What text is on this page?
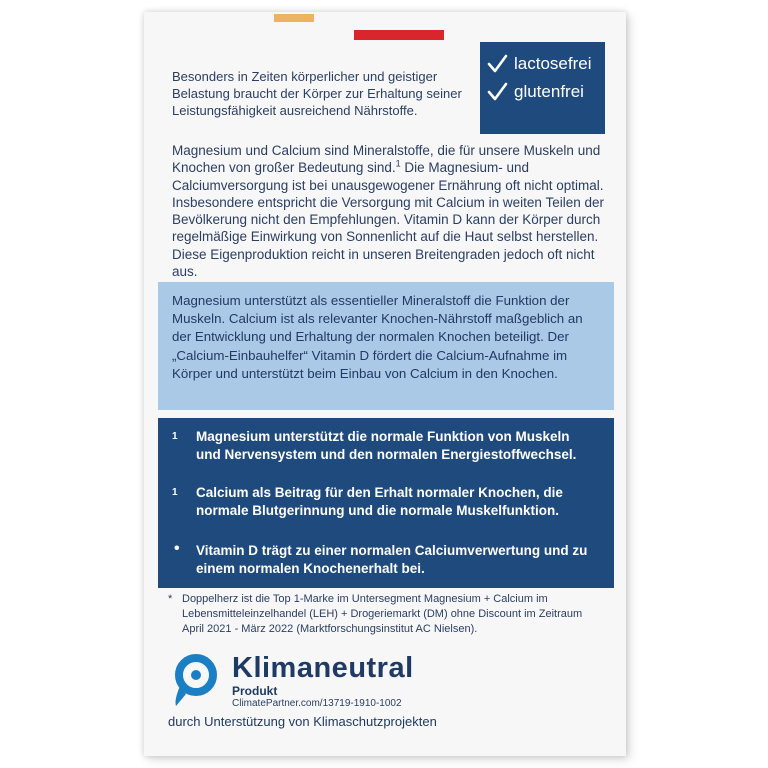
lactosefrei
glutenfrei
Besonders in Zeiten körperlicher und geistiger Belastung braucht der Körper zur Erhaltung seiner Leistungsfähigkeit ausreichend Nährstoffe.
Magnesium und Calcium sind Mineralstoffe, die für unsere Muskeln und Knochen von großer Bedeutung sind.$^1$ Die Magnesium- und Calciumversorgung ist bei unausgewogener Ernährung oft nicht optimal. Insbesondere entspricht die Versorgung mit Calcium in weiten Teilen der Bevölkerung nicht den Empfehlungen. Vitamin D kann der Körper durch regelmäßige Einwirkung von Sonnenlicht auf die Haut selbst herstellen. Diese Eigenproduktion reicht in unseren Breitengraden jedoch oft nicht aus.
Magnesium unterstützt als essentieller Mineralstoff die Funktion der Muskeln. Calcium ist als relevanter Knochen-Nährstoff maßgeblich an der Entwicklung und Erhaltung der normalen Knochen beteiligt. Der „Calcium-Einbauhelfer“ Vitamin D fördert die Calcium-Aufnahme im Körper und unterstützt beim Einbau von Calcium in den Knochen.
1	Magnesium unterstützt die normale Funktion von Muskeln und Nervensystem und den normalen Energiestoffwechsel.
1	Calcium als Beitrag für den Erhalt normaler Knochen, die normale Blutgerinnung und die normale Muskelfunktion.
•	Vitamin D trägt zu einer normalen Calciumverwertung und zu einem normalen Knochenerhalt bei.
* Doppelherz ist die Top 1-Marke im Untersegment Magnesium + Calcium im Lebensmitteleinzelhandel (LEH) + Drogeriemarkt (DM) ohne Discount im Zeitraum April 2021 - März 2022 (Marktforschungsinstitut AC Nielsen).
Klimaneutral
Produkt
ClimatePartner.com/13719-1910-1002
durch Unterstützung von Klimaschutzprojekten
